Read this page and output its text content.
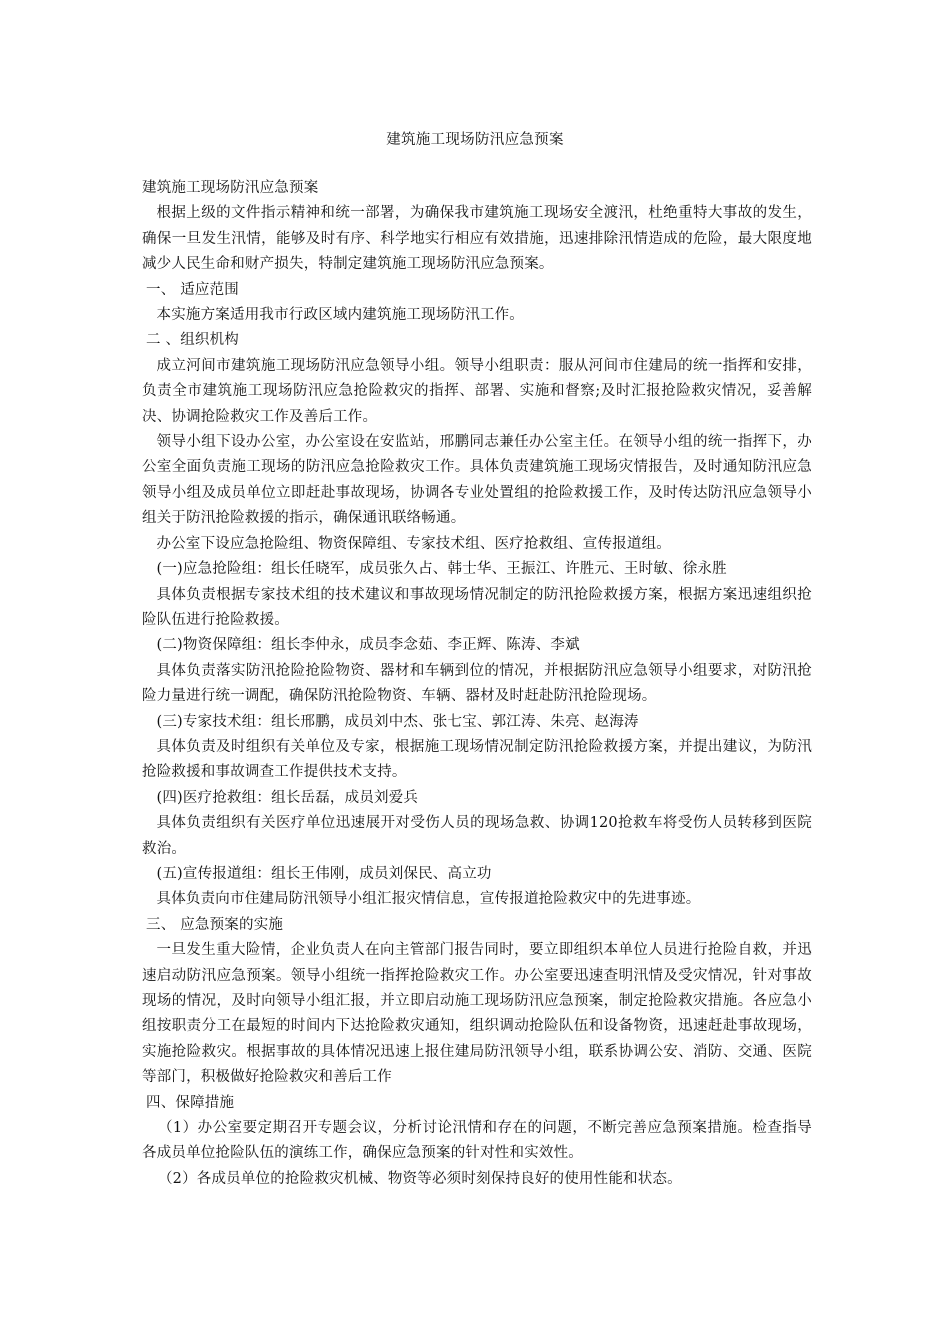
建筑施工现场防汛应急预案

建筑施工现场防汛应急预案

根据上级的文件指示精神和统一部署，为确保我市建筑施工现场安全渡汛，杜绝重特大事故的发生，确保一旦发生汛情，能够及时有序、科学地实行相应有效措施，迅速排除汛情造成的危险，最大限度地减少人民生命和财产损失，特制定建筑施工现场防汛应急预案。

一、 适应范围

本实施方案适用我市行政区域内建筑施工现场防汛工作。

二 、组织机构

成立河间市建筑施工现场防汛应急领导小组。领导小组职责：服从河间市住建局的统一指挥和安排，负责全市建筑施工现场防汛应急抢险救灾的指挥、部署、实施和督察;及时汇报抢险救灾情况，妥善解决、协调抢险救灾工作及善后工作。

领导小组下设办公室，办公室设在安监站，邢鹏同志兼任办公室主任。在领导小组的统一指挥下，办公室全面负责施工现场的防汛应急抢险救灾工作。具体负责建筑施工现场灾情报告，及时通知防汛应急领导小组及成员单位立即赶赴事故现场，协调各专业处置组的抢险救援工作，及时传达防汛应急领导小组关于防汛抢险救援的指示，确保通讯联络畅通。

办公室下设应急抢险组、物资保障组、专家技术组、医疗抢救组、宣传报道组。

(一)应急抢险组：组长任晓军，成员张久占、韩士华、王振江、许胜元、王时敏、徐永胜

具体负责根据专家技术组的技术建议和事故现场情况制定的防汛抢险救援方案，根据方案迅速组织抢险队伍进行抢险救援。

(二)物资保障组：组长李仲永，成员李念茹、李正辉、陈涛、李斌

具体负责落实防汛抢险抢险物资、器材和车辆到位的情况，并根据防汛应急领导小组要求，对防汛抢险力量进行统一调配，确保防汛抢险物资、车辆、器材及时赶赴防汛抢险现场。

(三)专家技术组：组长邢鹏，成员刘中杰、张七宝、郭江涛、朱亮、赵海涛

具体负责及时组织有关单位及专家，根据施工现场情况制定防汛抢险救援方案，并提出建议，为防汛抢险救援和事故调查工作提供技术支持。

(四)医疗抢救组：组长岳磊，成员刘爱兵

具体负责组织有关医疗单位迅速展开对受伤人员的现场急救、协调120抢救车将受伤人员转移到医院救治。

(五)宣传报道组：组长王伟刚，成员刘保民、高立功

具体负责向市住建局防汛领导小组汇报灾情信息，宣传报道抢险救灾中的先进事迹。

三、 应急预案的实施

一旦发生重大险情，企业负责人在向主管部门报告同时，要立即组织本单位人员进行抢险自救，并迅速启动防汛应急预案。领导小组统一指挥抢险救灾工作。办公室要迅速查明汛情及受灾情况，针对事故现场的情况，及时向领导小组汇报，并立即启动施工现场防汛应急预案，制定抢险救灾措施。各应急小组按职责分工在最短的时间内下达抢险救灾通知，组织调动抢险队伍和设备物资，迅速赶赴事故现场，实施抢险救灾。根据事故的具体情况迅速上报住建局防汛领导小组，联系协调公安、消防、交通、医院等部门，积极做好抢险救灾和善后工作

四、保障措施

（1）办公室要定期召开专题会议，分析讨论汛情和存在的问题，不断完善应急预案措施。检查指导各成员单位抢险队伍的演练工作，确保应急预案的针对性和实效性。

（2）各成员单位的抢险救灾机械、物资等必须时刻保持良好的使用性能和状态。
